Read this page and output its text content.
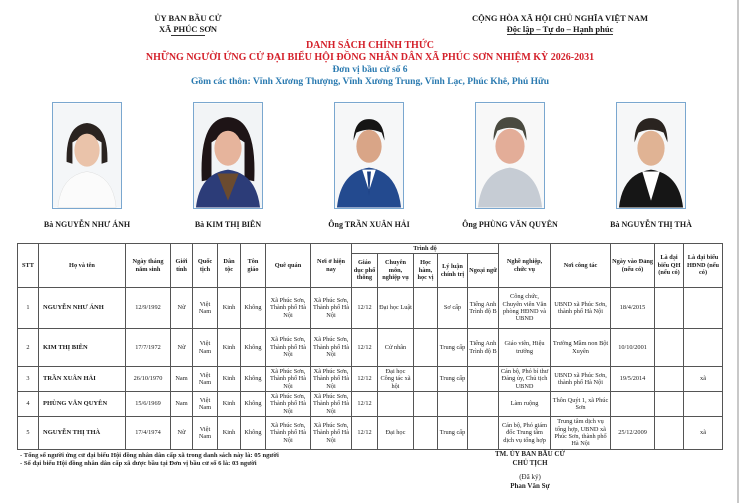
ỦY BAN BẦU CỬ
XÃ PHÚC SƠN
CỘNG HÒA XÃ HỘI CHỦ NGHĨA VIỆT NAM
Độc lập – Tự do – Hạnh phúc
DANH SÁCH CHÍNH THỨC
NHỮNG NGƯỜI ỨNG CỬ ĐẠI BIỂU HỘI ĐỒNG NHÂN DÂN XÃ PHÚC SƠN NHIỆM KỲ 2026-2031
Đơn vị bầu cử số 6
Gồm các thôn: Vĩnh Xương Thượng, Vĩnh Xương Trung, Vĩnh Lạc, Phúc Khê, Phú Hữu
Bà NGUYỄN NHƯ ÁNH	Bà KIM THỊ BIÊN	Ông TRẦN XUÂN HẢI	Ông PHÙNG VĂN QUYÊN	Bà NGUYỄN THỊ THÀ
STT	Họ và tên	Ngày tháng năm sinh	Giới tính	Quốc tịch	Dân tộc	Tôn giáo	Quê quán	Nơi ở hiện nay	Trình độ					Nghề nghiệp, chức vụ	Nơi công tác	Ngày vào Đảng (nếu có)	Là đại biểu QH (nếu có)	Là đại biểu HĐND (nếu có)
									Giáo dục phổ thông	Chuyên môn, nghiệp vụ	Học hàm, học vị	Lý luận chính trị	Ngoại ngữ					
1	NGUYỄN NHƯ ÁNH	12/9/1992	Nữ	Việt Nam	Kinh	Không	Xã Phúc Sơn, Thành phố Hà Nội	Xã Phúc Sơn, Thành phố Hà Nội	12/12	Đại học Luật		Sơ cấp	Tiếng Anh Trình độ B	Công chức, Chuyên viên Văn phòng HĐND và UBND	UBND xã Phúc Sơn, thành phố Hà Nội	18/4/2015		
2	KIM THỊ BIÊN	17/7/1972	Nữ	Việt Nam	Kinh	Không	Xã Phúc Sơn, Thành phố Hà Nội	Xã Phúc Sơn, Thành phố Hà Nội	12/12	Cử nhân		Trung cấp	Tiếng Anh Trình độ B	Giáo viên, Hiệu trưởng	Trường Mầm non Bột Xuyên	10/10/2001		
3	TRẦN XUÂN HẢI	26/10/1970	Nam	Việt Nam	Kinh	Không	Xã Phúc Sơn, Thành phố Hà Nội	Xã Phúc Sơn, Thành phố Hà Nội	12/12	Đại học Công tác xã hội		Trung cấp		Cán bộ, Phó bí thư Đảng ủy, Chủ tịch UBND	UBND xã Phúc Sơn, thành phố Hà Nội	19/5/2014		xã
4	PHÙNG VĂN QUYÊN	15/6/1969	Nam	Việt Nam	Kinh	Không	Xã Phúc Sơn, Thành phố Hà Nội	Xã Phúc Sơn, Thành phố Hà Nội	12/12					Làm ruộng	Thôn Quýt 1, xã Phúc Sơn			
5	NGUYỄN THỊ THÀ	17/4/1974	Nữ	Việt Nam	Kinh	Không	Xã Phúc Sơn, Thành phố Hà Nội	Xã Phúc Sơn, Thành phố Hà Nội	12/12	Đại học		Trung cấp		Cán bộ, Phó giám đốc Trung tâm dịch vụ tổng hợp	Trung tâm dịch vụ tổng hợp, UBND xã Phúc Sơn, thành phố Hà Nội	25/12/2009		xã
- Tổng số người ứng cử đại biểu Hội đồng nhân dân cấp xã trong danh sách này là: 05 người
- Số đại biểu Hội đồng nhân dân cấp xã được bầu tại Đơn vị bầu cử số 6 là: 03 người
TM. ỦY BAN BẦU CỬ
CHỦ TỊCH
(Đã ký)
Phan Văn Sự
